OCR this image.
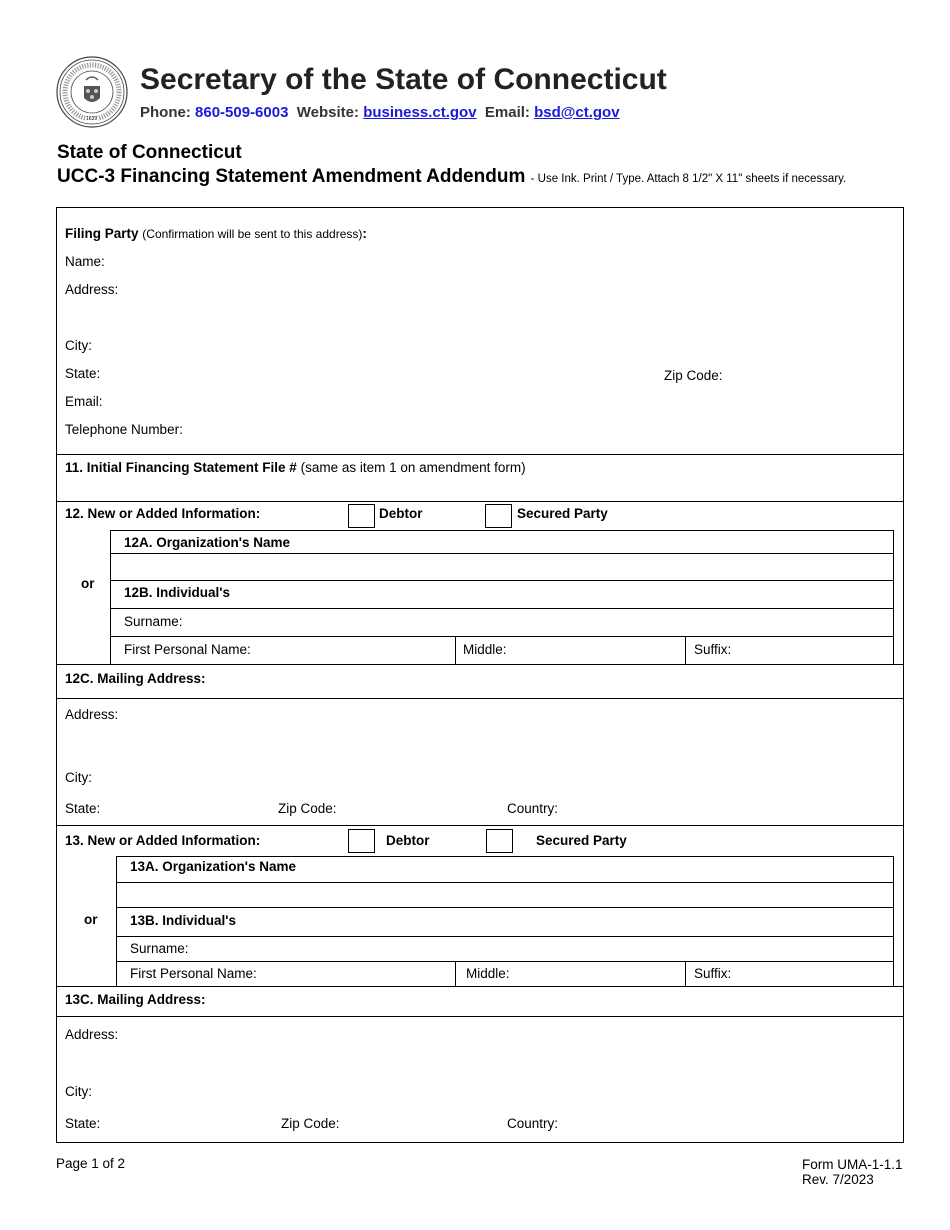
1639
Secretary of the State of Connecticut
Phone: 860-509-6003 Website: business.ct.gov Email: bsd@ct.gov
State of Connecticut
UCC-3 Financing Statement Amendment Addendum - Use Ink. Print / Type. Attach 8 1/2" X 11" sheets if necessary.
Filing Party (Confirmation will be sent to this address):
Name:
Address:
City:
State:	Zip Code:
Email:
Telephone Number:
11. Initial Financing Statement File # (same as item 1 on amendment form)
12. New or Added Information:	Debtor	Secured Party
or
12A. Organization's Name
12B. Individual's
Surname:
First Personal Name:	Middle:	Suffix:
12C. Mailing Address:
Address:
City:
State:	Zip Code:	Country:
13. New or Added Information:	Debtor	Secured Party
or
13A. Organization's Name
13B. Individual's
Surname:
First Personal Name:	Middle:	Suffix:
13C. Mailing Address:
Address:
City:
State:	Zip Code:	Country:
Page 1 of 2	Form UMA-1-1.1
Rev. 7/2023
